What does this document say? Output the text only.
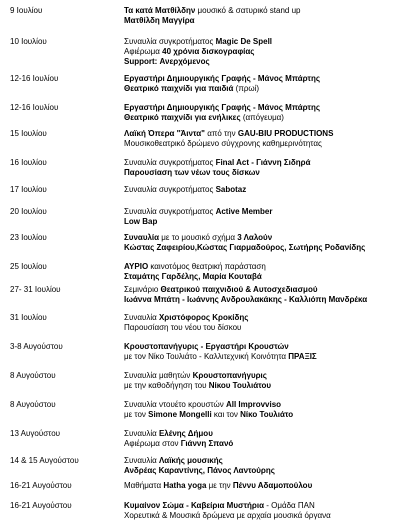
9 Ιουλίου	Τα κατά Ματθίλδην μουσικό & σατυρικό stand up
Ματθίλδη Μαγγίρα
10 Ιουλίου	Συναυλία συγκροτήματος Magic De Spell
Αφιέρωμα 40 χρόνια δισκογραφίας
Support: Ανερχόμενος
12-16 Ιουλίου	Εργαστήρι Δημιουργικής Γραφής - Μάνος Μπάρτης
Θεατρικό παιχνίδι για παιδιά (πρωί)
12-16 Ιουλίου	Εργαστήρι Δημιουργικής Γραφής - Μάνος Μπάρτης
Θεατρικό παιχνίδι για ενήλικες (απόγευμα)
15 Ιουλίου	Λαϊκή Όπερα "Άιντα" από την GAU-BIU PRODUCTIONS
Μουσικοθεατρικό δρώμενο σύγχρονης καθημερινότητας
16 Ιουλίου	Συναυλία συγκροτήματος Final Act - Γιάννη Σιδηρά
Παρουσίαση των νέων τους δίσκων
17 Ιουλίου	Συναυλία συγκροτήματος Sabotaz
20 Ιουλίου	Συναυλία συγκροτήματος Active Member
Low Bap
23 Ιουλίου	Συναυλία με το μουσικό σχήμα 3 Λαλούν
Κώστας Ζαφειρίου,Κώστας Γιαρμαδούρος, Σωτήρης Ροδανίδης
25 Ιουλίου	ΑΥΡΙΟ καινοτόμος θεατρική παράσταση
Σταμάτης Γαρδέλης, Μαρία Κουταβά
27- 31 Ιουλίου	Σεμινάριο Θεατρικού παιχνιδιού & Αυτοσχεδιασμού
Ιωάννα Μπάτη - Ιωάννης Ανδρουλακάκης - Καλλιόπη Μανδρέκα
31 Ιουλίου	Συναυλία Χριστόφορος Κροκίδης
Παρουσίαση του νέου του δίσκου
3-8 Αυγούστου	Κρουστοπανήγυρις - Εργαστήρι Κρουστών
με τον Νίκο Τουλιάτο - Καλλιτεχνική Κοινότητα ΠΡΑΞΙΣ
8 Αυγούστου	Συναυλία μαθητών Κρουστοπανήγυρις
με την καθοδήγηση του Νίκου Τουλιάτου
8 Αυγούστου	Συναυλία ντουέτο κρουστών All Improvviso
με τον Simone Mongelli και τον Νίκο Τουλιάτο
13 Αυγούστου	Συναυλία Ελένης Δήμου
Αφιέρωμα στον Γιάννη Σπανό
14 & 15 Αυγούστου	Συναυλία Λαϊκής μουσικής
Ανδρέας Καραντίνης, Πάνος Λαντούρης
16-21 Αυγούστου	Μαθήματα Hatha yoga με την Πέννυ Αδαμοπούλου
16-21 Αυγούστου	Κυμαίνον Σώμα - Καβείρια Μυστήρια - Ομάδα ΠΑΝ
Χορευτικά & Μουσικά δρώμενα με αρχαία μουσικά όργανα
